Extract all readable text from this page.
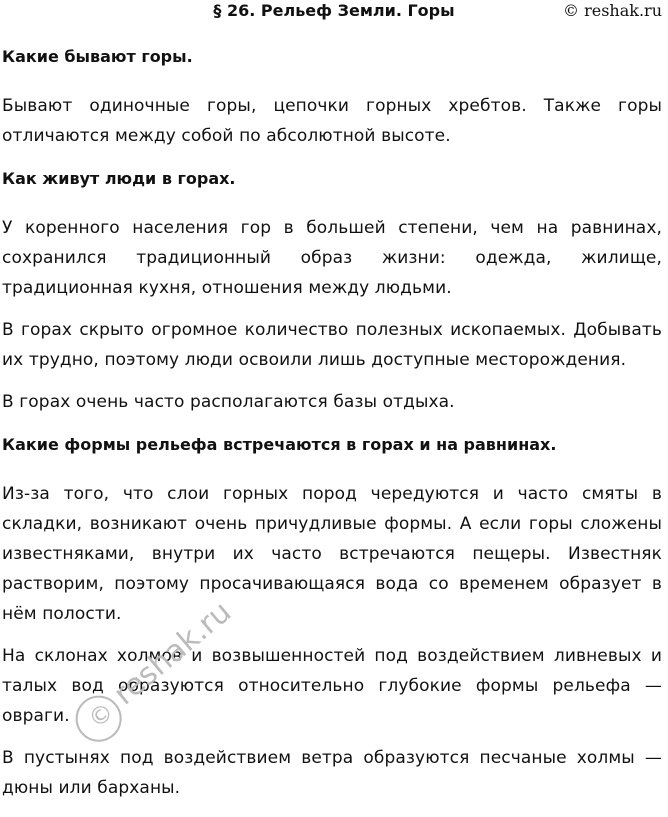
§ 26. Рельеф Земли. Горы	© reshak.ru

Какие бывают горы.

Бывают одиночные горы, цепочки горных хребтов. Также горы отличаются между собой по абсолютной высоте.

Как живут люди в горах.

У коренного населения гор в большей степени, чем на равнинах, сохранился традиционный образ жизни: одежда, жилище, традиционная кухня, отношения между людьми.

В горах скрыто огромное количество полезных ископаемых. Добывать их трудно, поэтому люди освоили лишь доступные месторождения.

В горах очень часто располагаются базы отдыха.

Какие формы рельефа встречаются в горах и на равнинах.

Из-за того, что слои горных пород чередуются и часто смяты в складки, возникают очень причудливые формы. А если горы сложены известняками, внутри их часто встречаются пещеры. Известняк растворим, поэтому просачивающаяся вода со временем образует в нём полости.

На склонах холмов и возвышенностей под воздействием ливневых и талых вод образуются относительно глубокие формы рельефа — овраги.

В пустынях под воздействием ветра образуются песчаные холмы — дюны или барханы.

©
reshak.ru
